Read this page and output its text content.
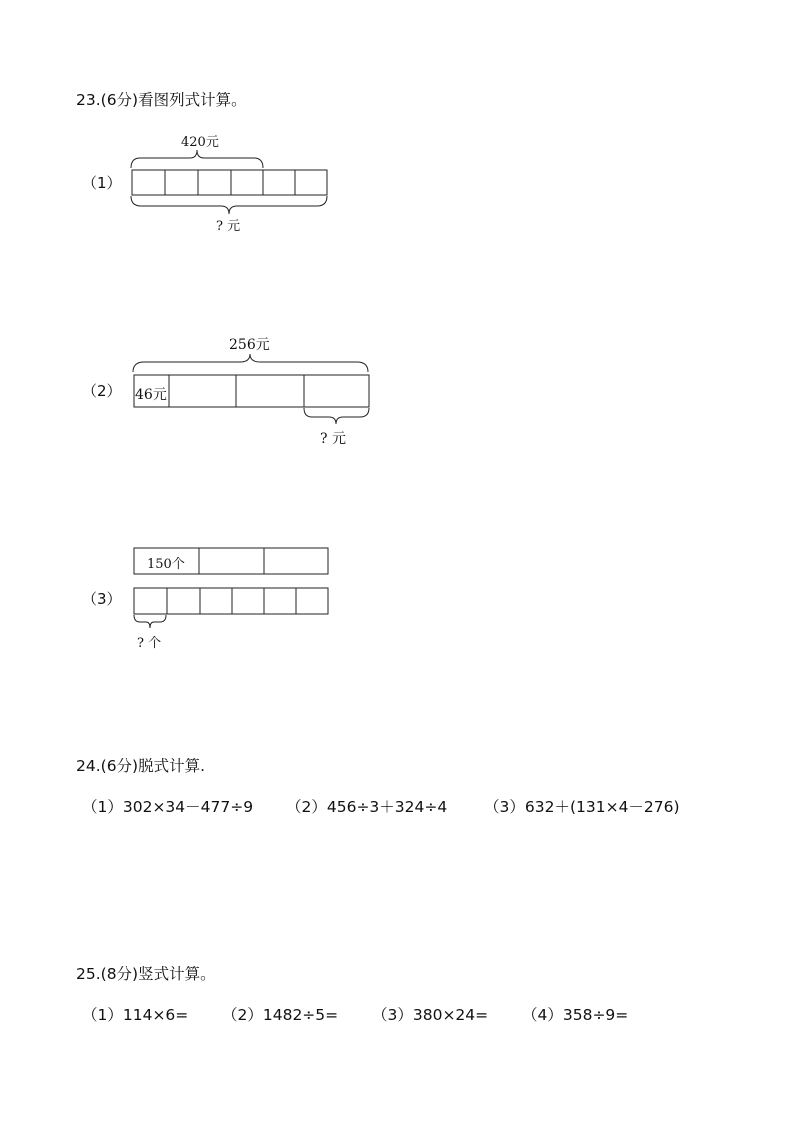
23.(6分)看图列式计算。
（1）
420元
? 元
（2）
256元
46元
? 元
（3）
150个
? 个
24.(6分)脱式计算.
（1）302×34－477÷9 （2）456÷3＋324÷4 （3）632＋(131×4－276)
25.(8分)竖式计算。
（1）114×6= （2）1482÷5= （3）380×24= （4）358÷9=
